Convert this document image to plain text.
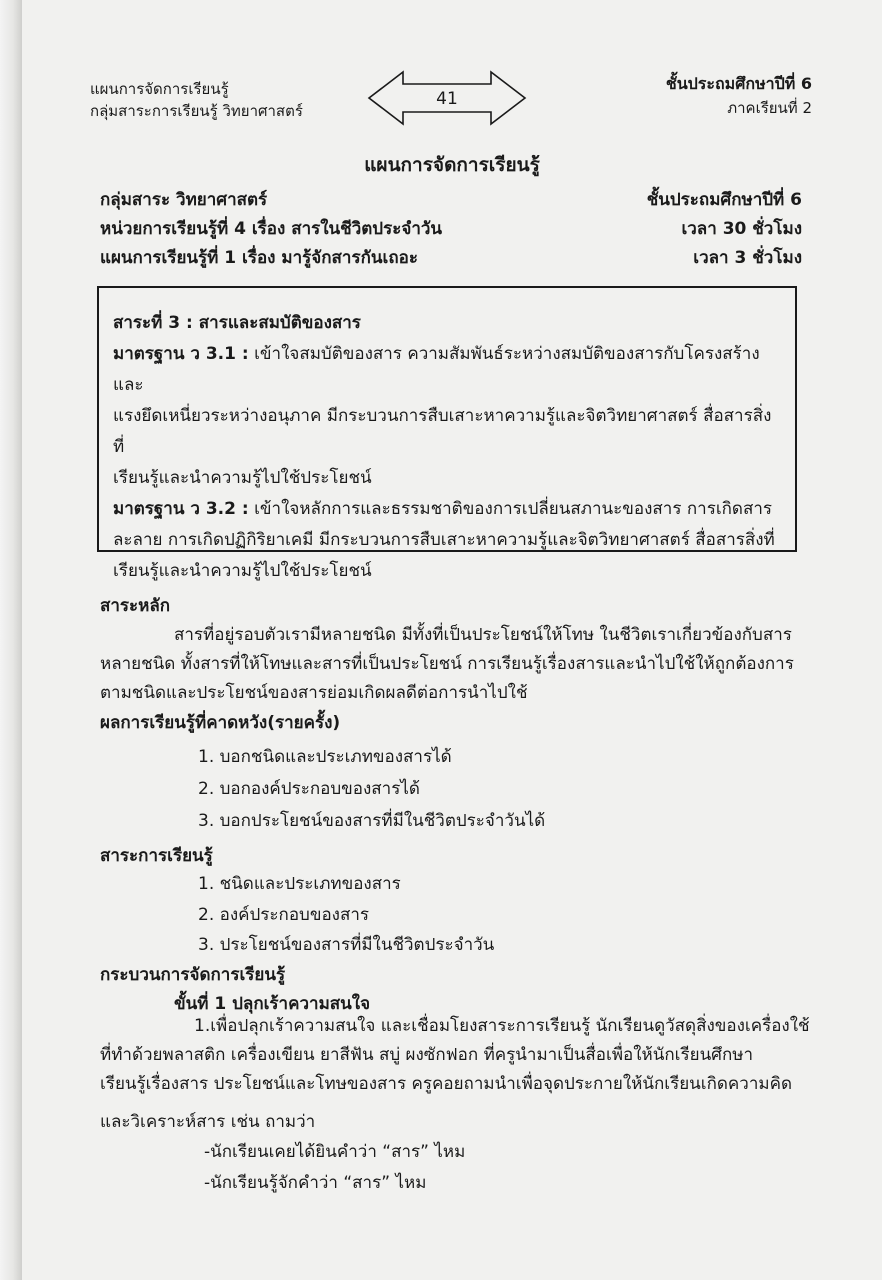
แผนการจัดการเรียนรู้
กลุ่มสาระการเรียนรู้ วิทยาศาสตร์
41
ชั้นประถมศึกษาปีที่ 6
ภาคเรียนที่ 2
แผนการจัดการเรียนรู้
กลุ่มสาระ วิทยาศาสตร์	ชั้นประถมศึกษาปีที่ 6
หน่วยการเรียนรู้ที่ 4 เรื่อง สารในชีวิตประจำวัน	เวลา 30 ชั่วโมง
แผนการเรียนรู้ที่ 1 เรื่อง มารู้จักสารกันเถอะ	เวลา 3 ชั่วโมง
สาระที่ 3 : สารและสมบัติของสาร
มาตรฐาน ว 3.1 : เข้าใจสมบัติของสาร ความสัมพันธ์ระหว่างสมบัติของสารกับโครงสร้างและ
แรงยึดเหนี่ยวระหว่างอนุภาค มีกระบวนการสืบเสาะหาความรู้และจิตวิทยาศาสตร์ สื่อสารสิ่งที่
เรียนรู้และนำความรู้ไปใช้ประโยชน์
มาตรฐาน ว 3.2 : เข้าใจหลักการและธรรมชาติของการเปลี่ยนสภานะของสาร การเกิดสาร
ละลาย การเกิดปฏิกิริยาเคมี มีกระบวนการสืบเสาะหาความรู้และจิตวิทยาศาสตร์ สื่อสารสิ่งที่
เรียนรู้และนำความรู้ไปใช้ประโยชน์
สาระหลัก
สารที่อยู่รอบตัวเรามีหลายชนิด มีทั้งที่เป็นประโยชน์ให้โทษ ในชีวิตเราเกี่ยวข้องกับสาร
หลายชนิด ทั้งสารที่ให้โทษและสารที่เป็นประโยชน์ การเรียนรู้เรื่องสารและนำไปใช้ให้ถูกต้องการ
ตามชนิดและประโยชน์ของสารย่อมเกิดผลดีต่อการนำไปใช้
ผลการเรียนรู้ที่คาดหวัง(รายครั้ง)
1. บอกชนิดและประเภทของสารได้
2. บอกองค์ประกอบของสารได้
3. บอกประโยชน์ของสารที่มีในชีวิตประจำวันได้
สาระการเรียนรู้
1. ชนิดและประเภทของสาร
2. องค์ประกอบของสาร
3. ประโยชน์ของสารที่มีในชีวิตประจำวัน
กระบวนการจัดการเรียนรู้
ขั้นที่ 1 ปลุกเร้าความสนใจ
1.เพื่อปลุกเร้าความสนใจ และเชื่อมโยงสาระการเรียนรู้ นักเรียนดูวัสดุสิ่งของเครื่องใช้
ที่ทำด้วยพลาสติก เครื่องเขียน ยาสีฟัน สบู่ ผงซักฟอก ที่ครูนำมาเป็นสื่อเพื่อให้นักเรียนศึกษา
เรียนรู้เรื่องสาร ประโยชน์และโทษของสาร ครูคอยถามนำเพื่อจุดประกายให้นักเรียนเกิดความคิด
และวิเคราะห์สาร เช่น ถามว่า
-นักเรียนเคยได้ยินคำว่า “สาร” ไหม
-นักเรียนรู้จักคำว่า “สาร” ไหม
